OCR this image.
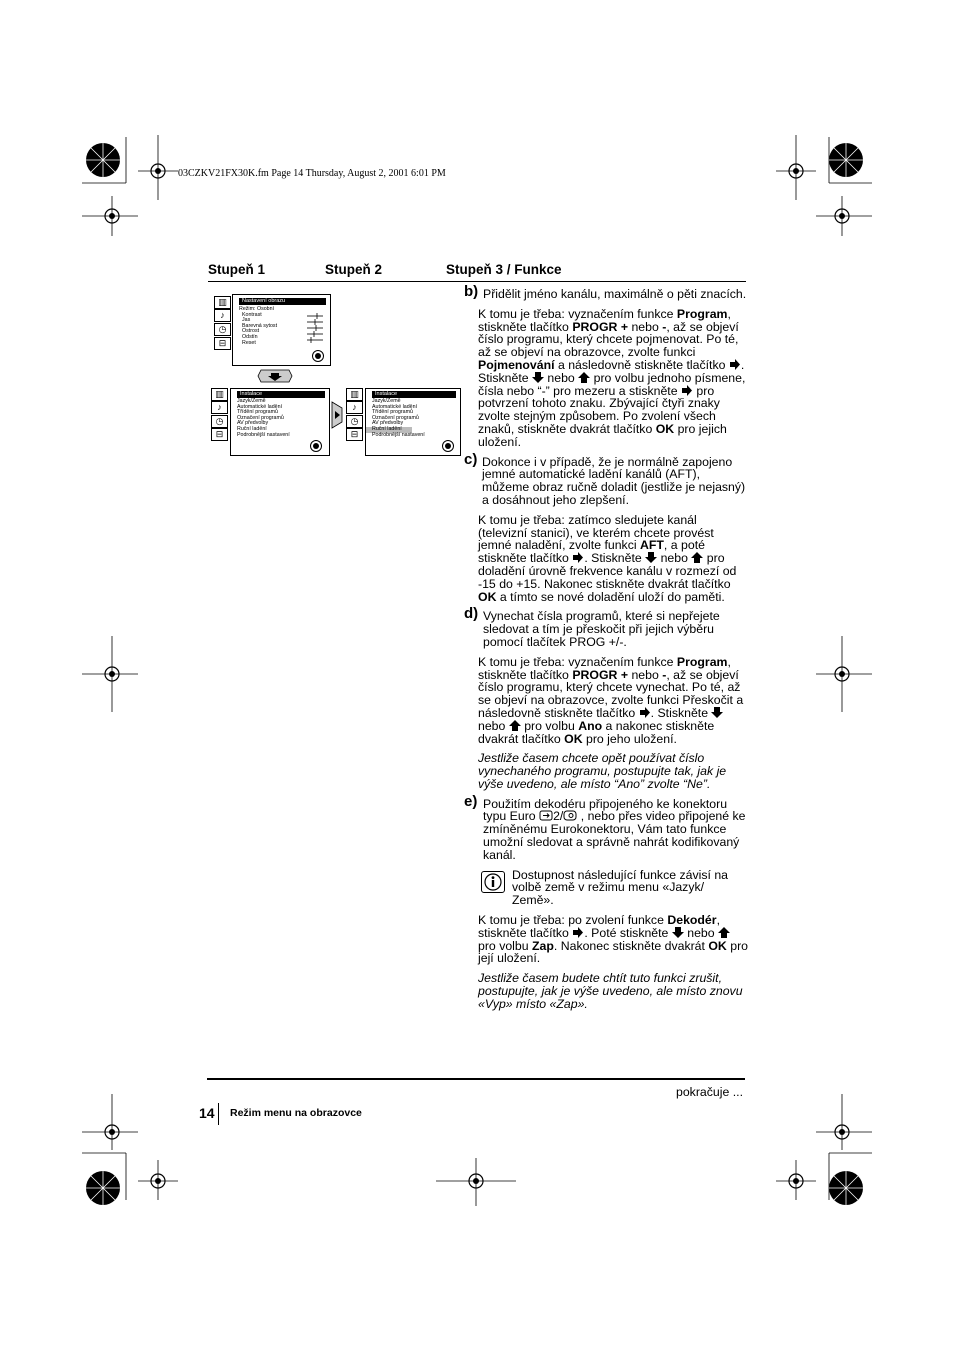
03CZKV21FX30K.fm Page 14 Thursday, August 2, 2001 6:01 PM
Stupeň 1	Stupeň 2	Stupeň 3 / Funkce
▥
♪
◷
⊟
Nastavení obrazu
Režim: Osobní
Kontrast
Jas
Barevná sytost
Ostrost
Odstín
Reset
▥
♪
◷
⊟
Instalace
Jazyk/Země
Automatické ladění
Třídění programů
Označení programů
AV předvolby
Ruční ladění
Podrobnější nastavení
▥
♪
◷
⊟
Instalace
Jazyk/Země
Automatické ladění
Třídění programů
Označení programů
AV předvolby
Ruční ladění
Podrobnější nastavení
b) Přidělit jméno kanálu, maximálně o pěti znacích.

K tomu je třeba: vyznačením funkce Program, stiskněte tlačítko PROGR + nebo -, až se objeví číslo programu, který chcete pojmenovat. Po té, až se objeví na obrazovce, zvolte funkci Pojmenování a následovně stiskněte tlačítko . Stiskněte  nebo  pro volbu jednoho písmene, čísla nebo “-” pro mezeru a stiskněte  pro potvrzení tohoto znaku. Zbývající čtyři znaky zvolte stejným způsobem. Po zvolení všech znaků, stiskněte dvakrát tlačítko OK pro jejich uložení.

c) Dokonce i v případě, že je normálně zapojeno jemné automatické ladění kanálů (AFT), můžeme obraz ručně doladit (jestliže je nejasný) a dosáhnout jeho zlepšení.

K tomu je třeba: zatímco sledujete kanál (televizní stanici), ve kterém chcete provést jemné naladění, zvolte funkci AFT, a poté stiskněte tlačítko . Stiskněte  nebo  pro doladění úrovně frekvence kanálu v rozmezí od -15 do +15. Nakonec stiskněte dvakrát tlačítko OK a tímto se nové doladění uloží do paměti.

d) Vynechat čísla programů, které si nepřejete sledovat a tím je přeskočit při jejich výběru pomocí tlačítek PROG +/-.

K tomu je třeba: vyznačením funkce Program, stiskněte tlačítko PROGR + nebo -, až se objeví číslo programu, který chcete vynechat. Po té, až se objeví na obrazovce, zvolte funkci Přeskočit a následovně stiskněte tlačítko . Stiskněte  nebo  pro volbu Ano a nakonec stiskněte dvakrát tlačítko OK pro jeho uložení.

Jestliže časem chcete opět používat číslo vynechaného programu, postupujte tak, jak je výše uvedeno, ale místo “Ano” zvolte “Ne”.

e) Použitím dekodéru připojeného ke konektoru typu Euro 2/ , nebo přes video připojené ke zmíněnému Eurokonektoru, Vám tato funkce umožní sledovat a správně nahrát kodifikovaný kanál.
Dostupnost následující funkce závisí na volbě země v režimu menu «Jazyk/ Země».

K tomu je třeba: po zvolení funkce Dekodér, stiskněte tlačítko . Poté stiskněte  nebo  pro volbu Zap. Nakonec stiskněte dvakrát OK pro její uložení.

Jestliže časem budete chtít tuto funkci zrušit, postupujte, jak je výše uvedeno, ale místo znovu «Vyp» místo «Zap».

pokračuje ...
14 Režim menu na obrazovce
